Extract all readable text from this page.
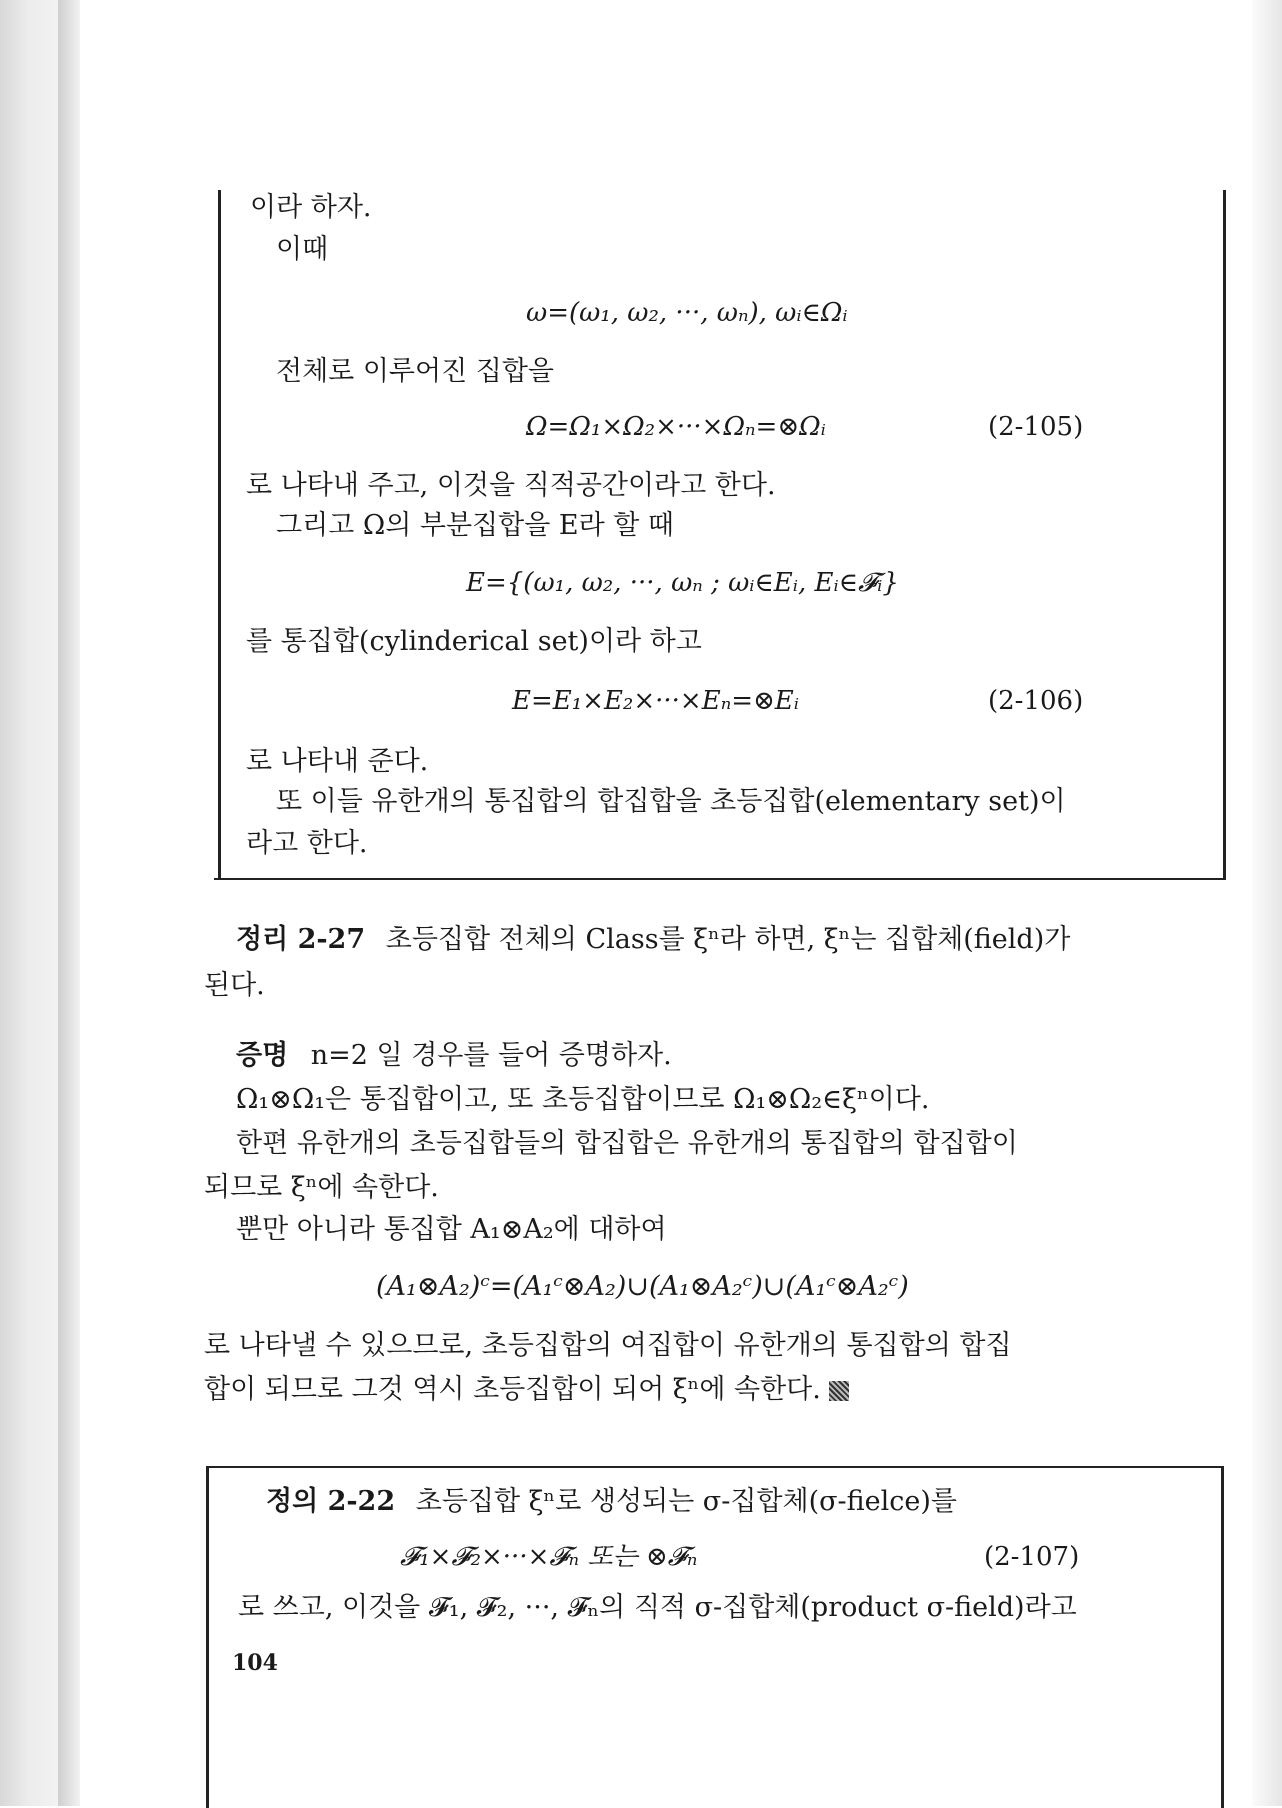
이라 하자.
이때
ω=(ω₁, ω₂, ···, ωₙ), ωᵢ∈Ωᵢ
전체로 이루어진 집합을
Ω=Ω₁×Ω₂×···×Ωₙ=⊗Ωᵢ	(2-105)
로 나타내 주고, 이것을 직적공간이라고 한다.
그리고 Ω의 부분집합을 E라 할 때
E={(ω₁, ω₂, ···, ωₙ ; ωᵢ∈Eᵢ, Eᵢ∈𝓕ᵢ}
를 통집합(cylinderical set)이라 하고
E=E₁×E₂×···×Eₙ=⊗Eᵢ	(2-106)
로 나타내 준다.
또 이들 유한개의 통집합의 합집합을 초등집합(elementary set)이
라고 한다.
정리 2-27 초등집합 전체의 Class를 ξⁿ라 하면, ξⁿ는 집합체(field)가
된다.
증명 n=2 일 경우를 들어 증명하자.
Ω₁⊗Ω₁은 통집합이고, 또 초등집합이므로 Ω₁⊗Ω₂∈ξⁿ이다.
한편 유한개의 초등집합들의 합집합은 유한개의 통집합의 합집합이
되므로 ξⁿ에 속한다.
뿐만 아니라 통집합 A₁⊗A₂에 대하여
(A₁⊗A₂)ᶜ=(A₁ᶜ⊗A₂)∪(A₁⊗A₂ᶜ)∪(A₁ᶜ⊗A₂ᶜ)
로 나타낼 수 있으므로, 초등집합의 여집합이 유한개의 통집합의 합집
합이 되므로 그것 역시 초등집합이 되어 ξⁿ에 속한다.
정의 2-22 초등집합 ξⁿ로 생성되는 σ-집합체(σ-fielce)를
𝓕₁×𝓕₂×···×𝓕ₙ 또는 ⊗𝓕ₙ	(2-107)
로 쓰고, 이것을 𝓕₁, 𝓕₂, ···, 𝓕ₙ의 직적 σ-집합체(product σ-field)라고
104
